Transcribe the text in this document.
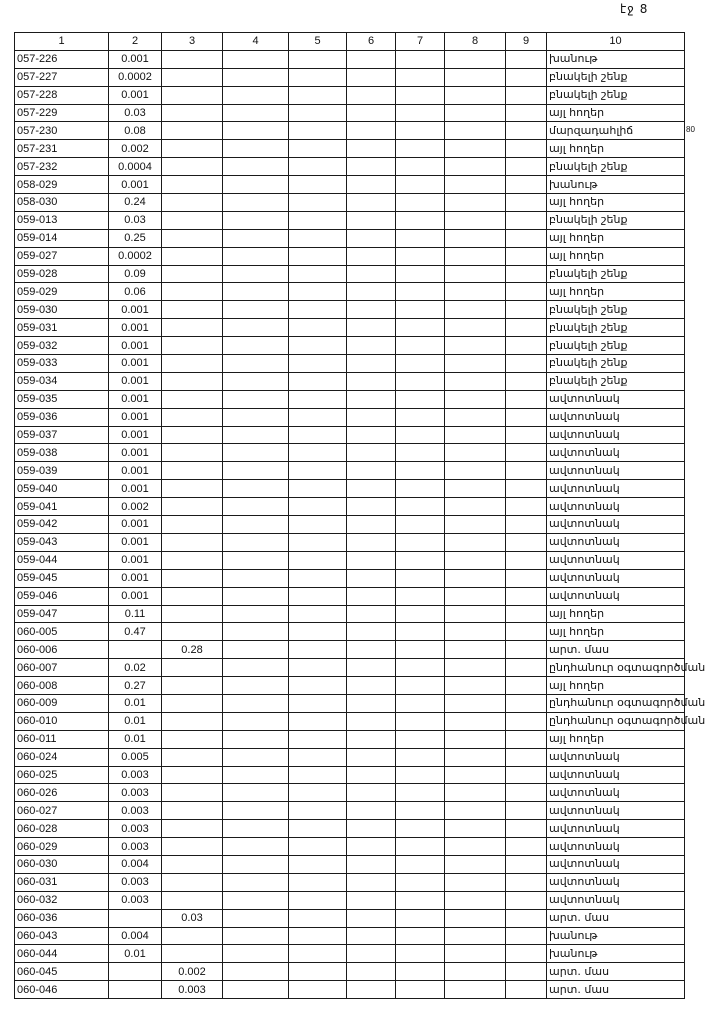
էջ 8
80
1	2	3	4	5	6	7	8	9	10
057-226	0.001								խանութ
057-227	0.0002								բնակելի շենք
057-228	0.001								բնակելի շենք
057-229	0.03								այլ հողեր
057-230	0.08								մարզադահլիճ
057-231	0.002								այլ հողեր
057-232	0.0004								բնակելի շենք
058-029	0.001								խանութ
058-030	0.24								այլ հողեր
059-013	0.03								բնակելի շենք
059-014	0.25								այլ հողեր
059-027	0.0002								այլ հողեր
059-028	0.09								բնակելի շենք
059-029	0.06								այլ հողեր
059-030	0.001								բնակելի շենք
059-031	0.001								բնակելի շենք
059-032	0.001								բնակելի շենք
059-033	0.001								բնակելի շենք
059-034	0.001								բնակելի շենք
059-035	0.001								ավտոտնակ
059-036	0.001								ավտոտնակ
059-037	0.001								ավտոտնակ
059-038	0.001								ավտոտնակ
059-039	0.001								ավտոտնակ
059-040	0.001								ավտոտնակ
059-041	0.002								ավտոտնակ
059-042	0.001								ավտոտնակ
059-043	0.001								ավտոտնակ
059-044	0.001								ավտոտնակ
059-045	0.001								ավտոտնակ
059-046	0.001								ավտոտնակ
059-047	0.11								այլ հողեր
060-005	0.47								այլ հողեր
060-006		0.28							արտ. մաս
060-007	0.02								ընդհանուր օգտագործման
060-008	0.27								այլ հողեր
060-009	0.01								ընդհանուր օգտագործման
060-010	0.01								ընդհանուր օգտագործման
060-011	0.01								այլ հողեր
060-024	0.005								ավտոտնակ
060-025	0.003								ավտոտնակ
060-026	0.003								ավտոտնակ
060-027	0.003								ավտոտնակ
060-028	0.003								ավտոտնակ
060-029	0.003								ավտոտնակ
060-030	0.004								ավտոտնակ
060-031	0.003								ավտոտնակ
060-032	0.003								ավտոտնակ
060-036		0.03							արտ. մաս
060-043	0.004								խանութ
060-044	0.01								խանութ
060-045		0.002							արտ. մաս
060-046		0.003							արտ. մաս
